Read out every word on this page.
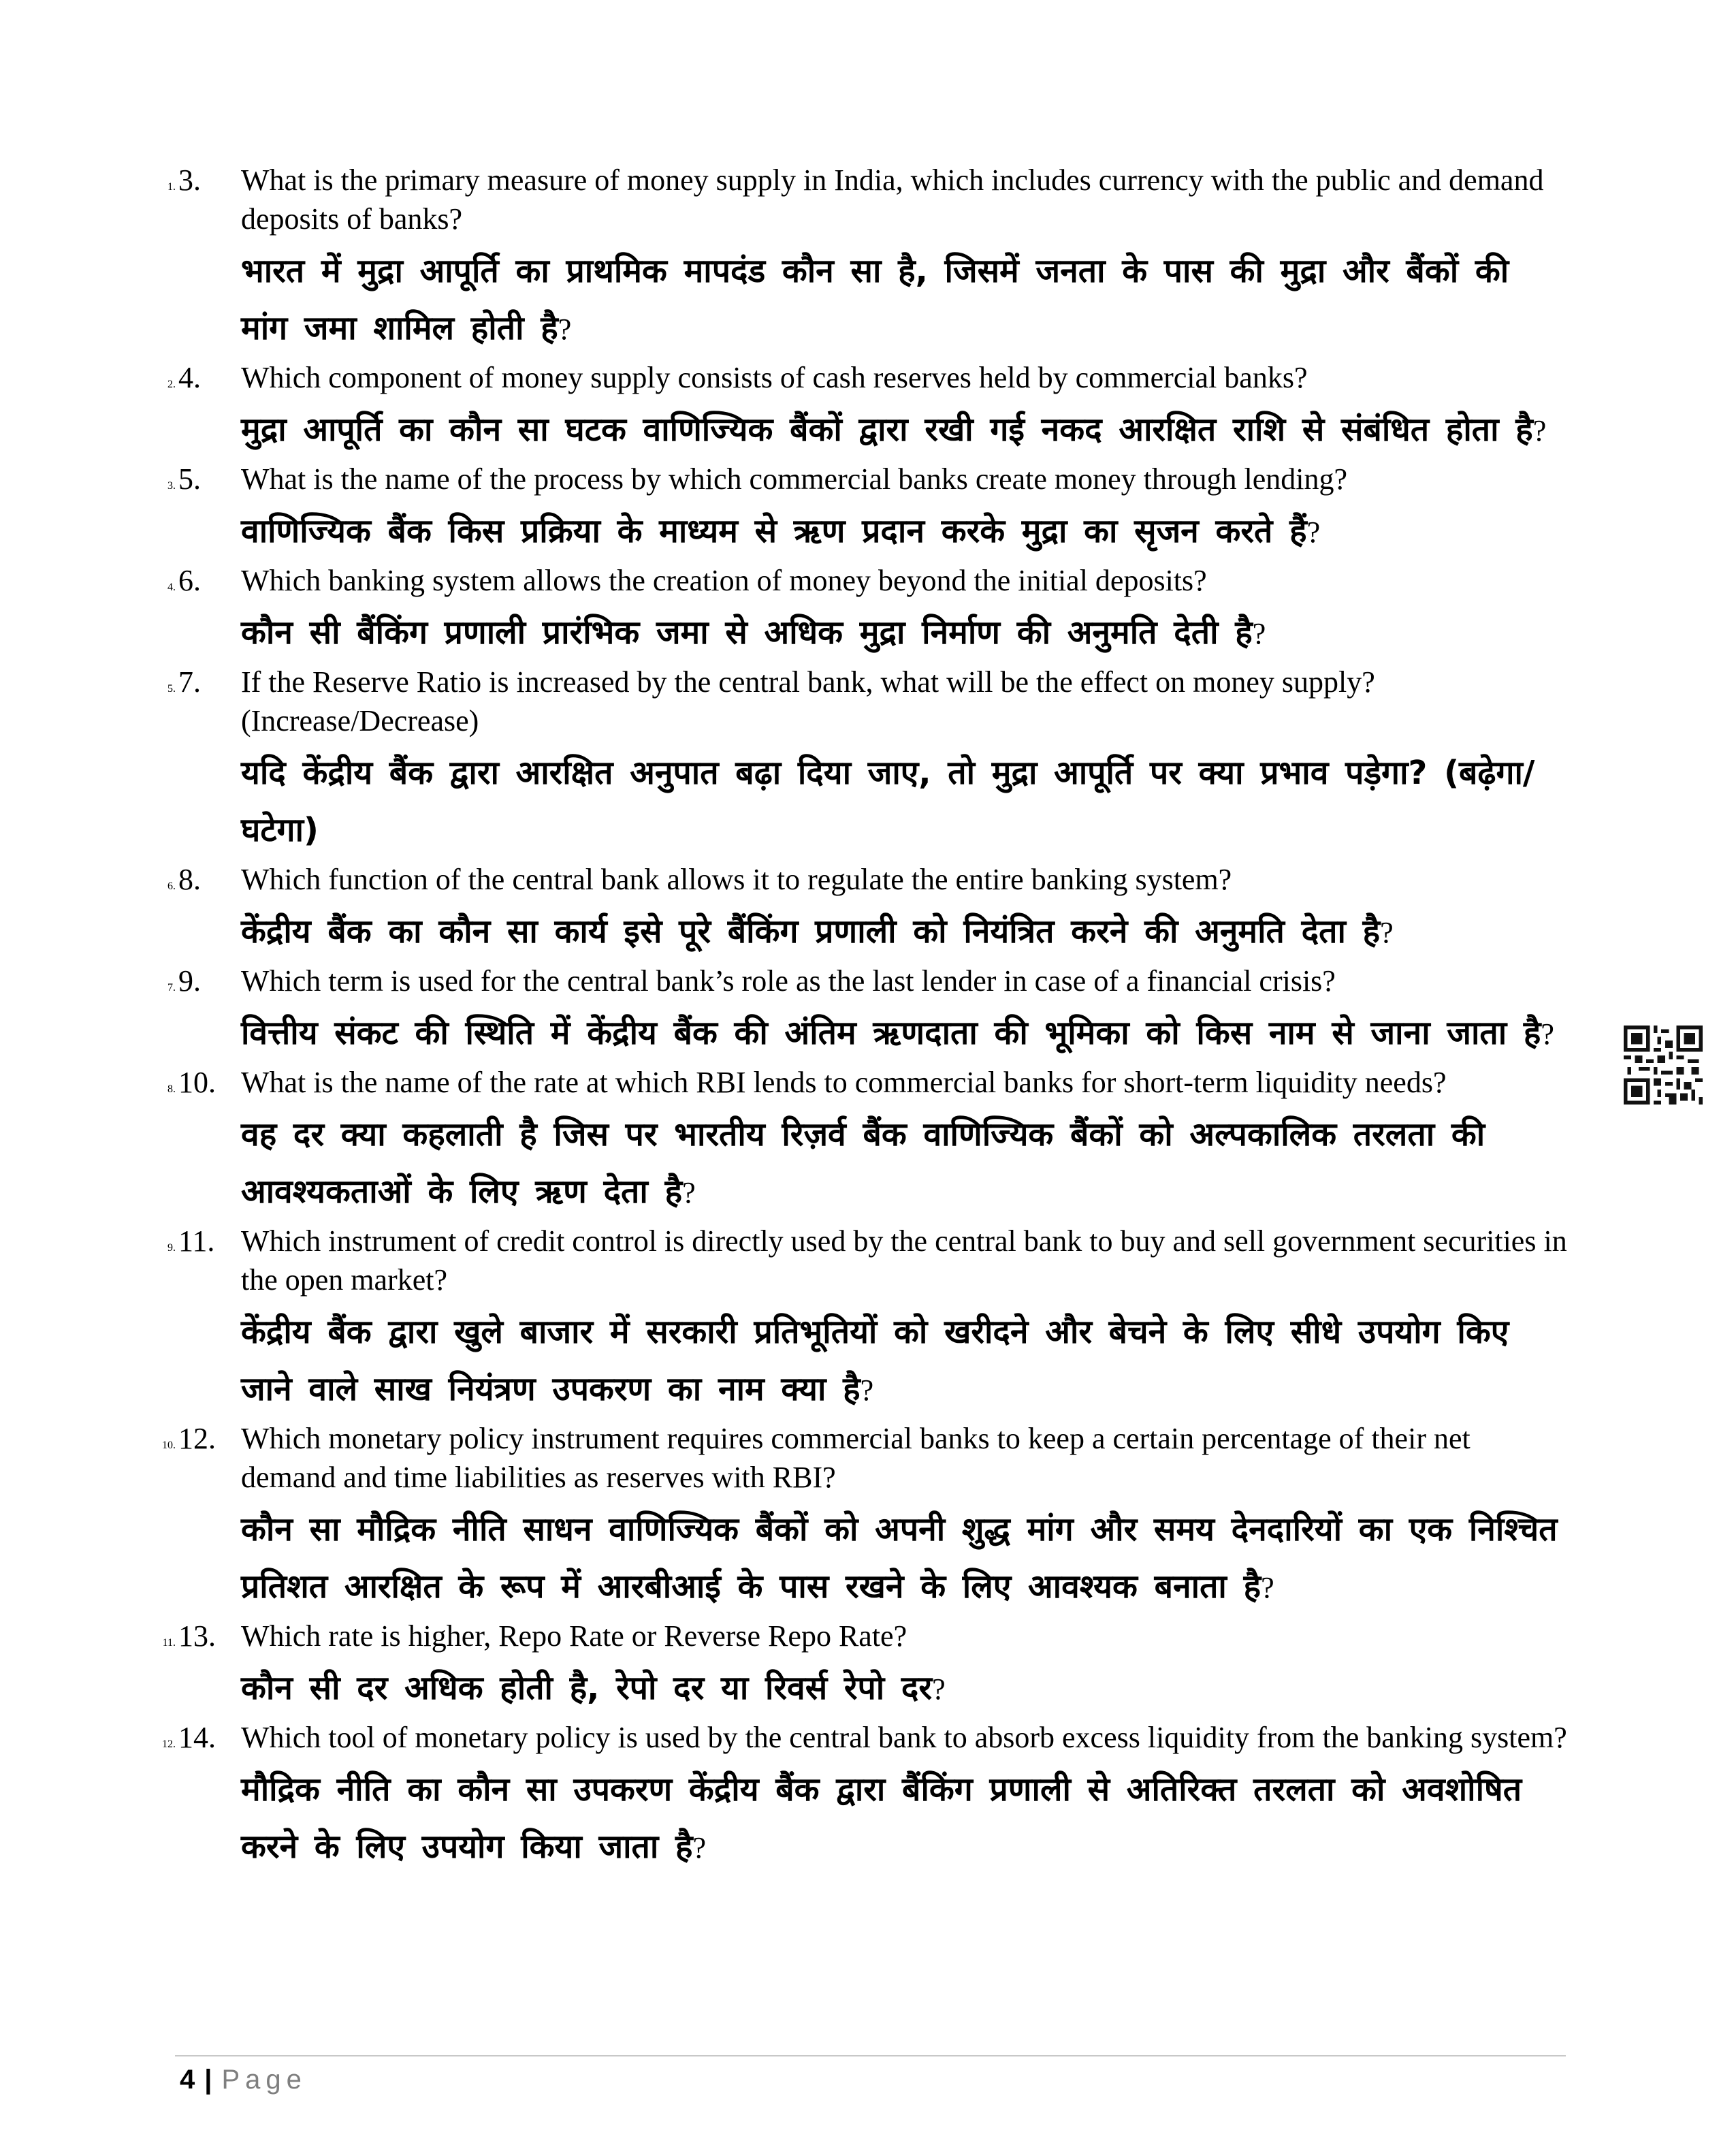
1. 3.	What is the primary measure of money supply in India, which includes currency with the public and demand deposits of banks?
भारत में मुद्रा आपूर्ति का प्राथमिक मापदंड कौन सा है, जिसमें जनता के पास की मुद्रा और बैंकों की मांग जमा शामिल होती है?
2. 4.	Which component of money supply consists of cash reserves held by commercial banks?
मुद्रा आपूर्ति का कौन सा घटक वाणिज्यिक बैंकों द्वारा रखी गई नकद आरक्षित राशि से संबंधित होता है?
3. 5.	What is the name of the process by which commercial banks create money through lending?
वाणिज्यिक बैंक किस प्रक्रिया के माध्यम से ऋण प्रदान करके मुद्रा का सृजन करते हैं?
4. 6.	Which banking system allows the creation of money beyond the initial deposits?
कौन सी बैंकिंग प्रणाली प्रारंभिक जमा से अधिक मुद्रा निर्माण की अनुमति देती है?
5. 7.	If the Reserve Ratio is increased by the central bank, what will be the effect on money supply? (Increase/Decrease)
यदि केंद्रीय बैंक द्वारा आरक्षित अनुपात बढ़ा दिया जाए, तो मुद्रा आपूर्ति पर क्या प्रभाव पड़ेगा? (बढ़ेगा/घटेगा)
6. 8.	Which function of the central bank allows it to regulate the entire banking system?
केंद्रीय बैंक का कौन सा कार्य इसे पूरे बैंकिंग प्रणाली को नियंत्रित करने की अनुमति देता है?
7. 9.	Which term is used for the central bank’s role as the last lender in case of a financial crisis?
वित्तीय संकट की स्थिति में केंद्रीय बैंक की अंतिम ऋणदाता की भूमिका को किस नाम से जाना जाता है?
8. 10. What is the name of the rate at which RBI lends to commercial banks for short-term liquidity needs?
वह दर क्या कहलाती है जिस पर भारतीय रिज़र्व बैंक वाणिज्यिक बैंकों को अल्पकालिक तरलता की आवश्यकताओं के लिए ऋण देता है?
9. 11. Which instrument of credit control is directly used by the central bank to buy and sell government securities in the open market?
केंद्रीय बैंक द्वारा खुले बाजार में सरकारी प्रतिभूतियों को खरीदने और बेचने के लिए सीधे उपयोग किए जाने वाले साख नियंत्रण उपकरण का नाम क्या है?
10. 12. Which monetary policy instrument requires commercial banks to keep a certain percentage of their net demand and time liabilities as reserves with RBI?
कौन सा मौद्रिक नीति साधन वाणिज्यिक बैंकों को अपनी शुद्ध मांग और समय देनदारियों का एक निश्चित प्रतिशत आरक्षित के रूप में आरबीआई के पास रखने के लिए आवश्यक बनाता है?
11. 13. Which rate is higher, Repo Rate or Reverse Repo Rate?
कौन सी दर अधिक होती है, रेपो दर या रिवर्स रेपो दर?
12. 14. Which tool of monetary policy is used by the central bank to absorb excess liquidity from the banking system?
मौद्रिक नीति का कौन सा उपकरण केंद्रीय बैंक द्वारा बैंकिंग प्रणाली से अतिरिक्त तरलता को अवशोषित करने के लिए उपयोग किया जाता है?
4 | Page
